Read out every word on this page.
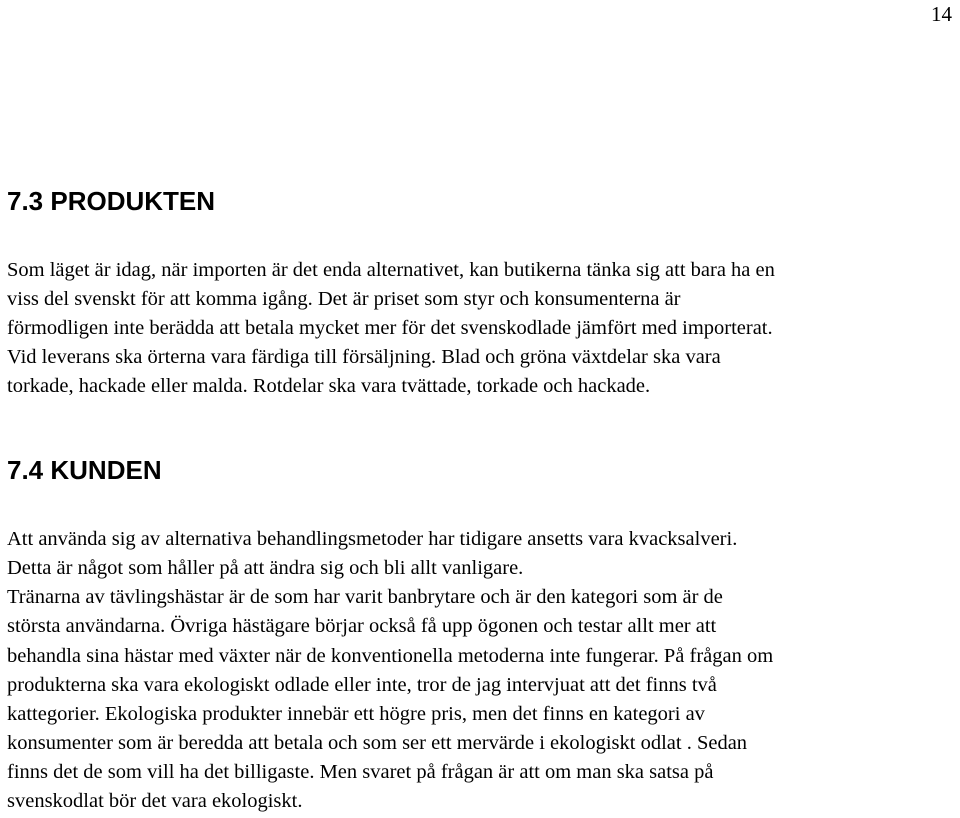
14
7.3 PRODUKTEN
Som läget är idag, när importen är det enda alternativet, kan butikerna tänka sig att bara ha en
viss del svenskt för att komma igång. Det är priset som styr och konsumenterna är
förmodligen inte berädda att betala mycket mer för det svenskodlade jämfört med importerat.
Vid leverans ska örterna vara färdiga till försäljning. Blad och gröna växtdelar ska vara
torkade, hackade eller malda. Rotdelar ska vara tvättade, torkade och hackade.
7.4 KUNDEN
Att använda sig av alternativa behandlingsmetoder har tidigare ansetts vara kvacksalveri.
Detta är något som håller på att ändra sig och bli allt vanligare.
Tränarna av tävlingshästar är de som har varit banbrytare och är den kategori som är de
största användarna. Övriga hästägare börjar också få upp ögonen och testar allt mer att
behandla sina hästar med växter när de konventionella metoderna inte fungerar. På frågan om
produkterna ska vara ekologiskt odlade eller inte, tror de jag intervjuat att det finns två
kattegorier. Ekologiska produkter innebär ett högre pris, men det finns en kategori av
konsumenter som är beredda att betala och som ser ett mervärde i ekologiskt odlat . Sedan
finns det de som vill ha det billigaste. Men svaret på frågan är att om man ska satsa på
svenskodlat bör det vara ekologiskt.
